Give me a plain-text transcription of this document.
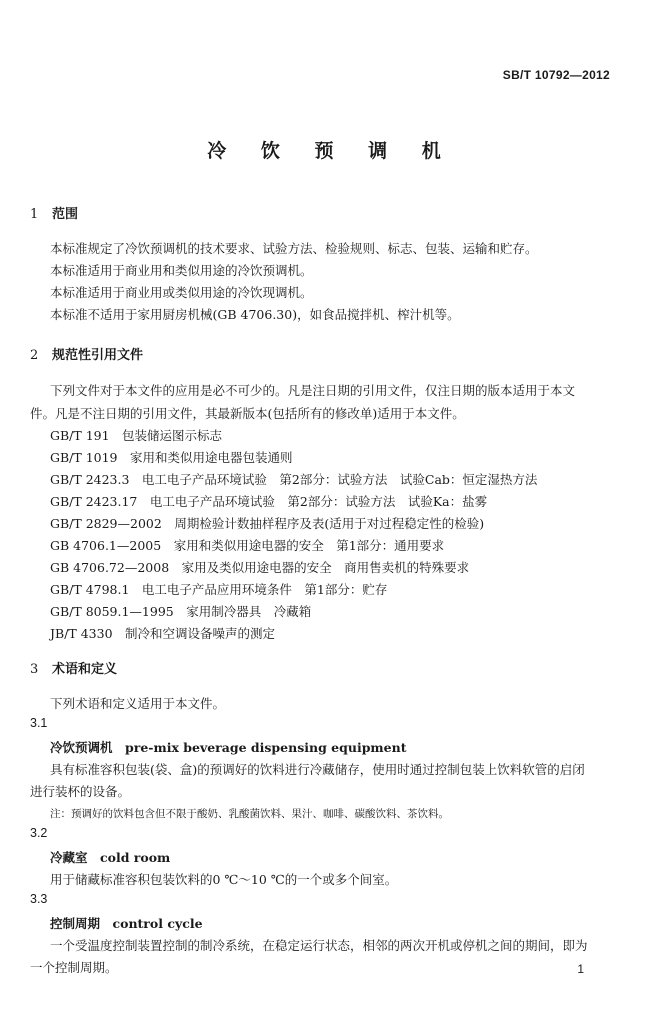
SB/T 10792—2012
冷 饮 预 调 机
1 范围
本标准规定了冷饮预调机的技术要求、试验方法、检验规则、标志、包装、运输和贮存。
本标准适用于商业用和类似用途的冷饮预调机。
本标准适用于商业用或类似用途的冷饮现调机。
本标准不适用于家用厨房机械(GB 4706.30)，如食品搅拌机、榨汁机等。
2 规范性引用文件
下列文件对于本文件的应用是必不可少的。凡是注日期的引用文件，仅注日期的版本适用于本文
件。凡是不注日期的引用文件，其最新版本(包括所有的修改单)适用于本文件。
GB/T 191　包装储运图示标志
GB/T 1019　家用和类似用途电器包装通则
GB/T 2423.3　电工电子产品环境试验　第2部分：试验方法　试验Cab：恒定湿热方法
GB/T 2423.17　电工电子产品环境试验　第2部分：试验方法　试验Ka：盐雾
GB/T 2829—2002　周期检验计数抽样程序及表(适用于对过程稳定性的检验)
GB 4706.1—2005　家用和类似用途电器的安全　第1部分：通用要求
GB 4706.72—2008　家用及类似用途电器的安全　商用售卖机的特殊要求
GB/T 4798.1　电工电子产品应用环境条件　第1部分：贮存
GB/T 8059.1—1995　家用制冷器具　冷藏箱
JB/T 4330　制冷和空调设备噪声的测定
3 术语和定义
下列术语和定义适用于本文件。
3.1
冷饮预调机　pre-mix beverage dispensing equipment
具有标准容积包装(袋、盒)的预调好的饮料进行冷藏储存，使用时通过控制包装上饮料软管的启闭
进行装杯的设备。
注：预调好的饮料包含但不限于酸奶、乳酸菌饮料、果汁、咖啡、碳酸饮料、茶饮料。
3.2
冷藏室　cold room
用于储藏标准容积包装饮料的0 ℃～10 ℃的一个或多个间室。
3.3
控制周期　control cycle
一个受温度控制装置控制的制冷系统，在稳定运行状态，相邻的两次开机或停机之间的期间，即为
一个控制周期。	1
